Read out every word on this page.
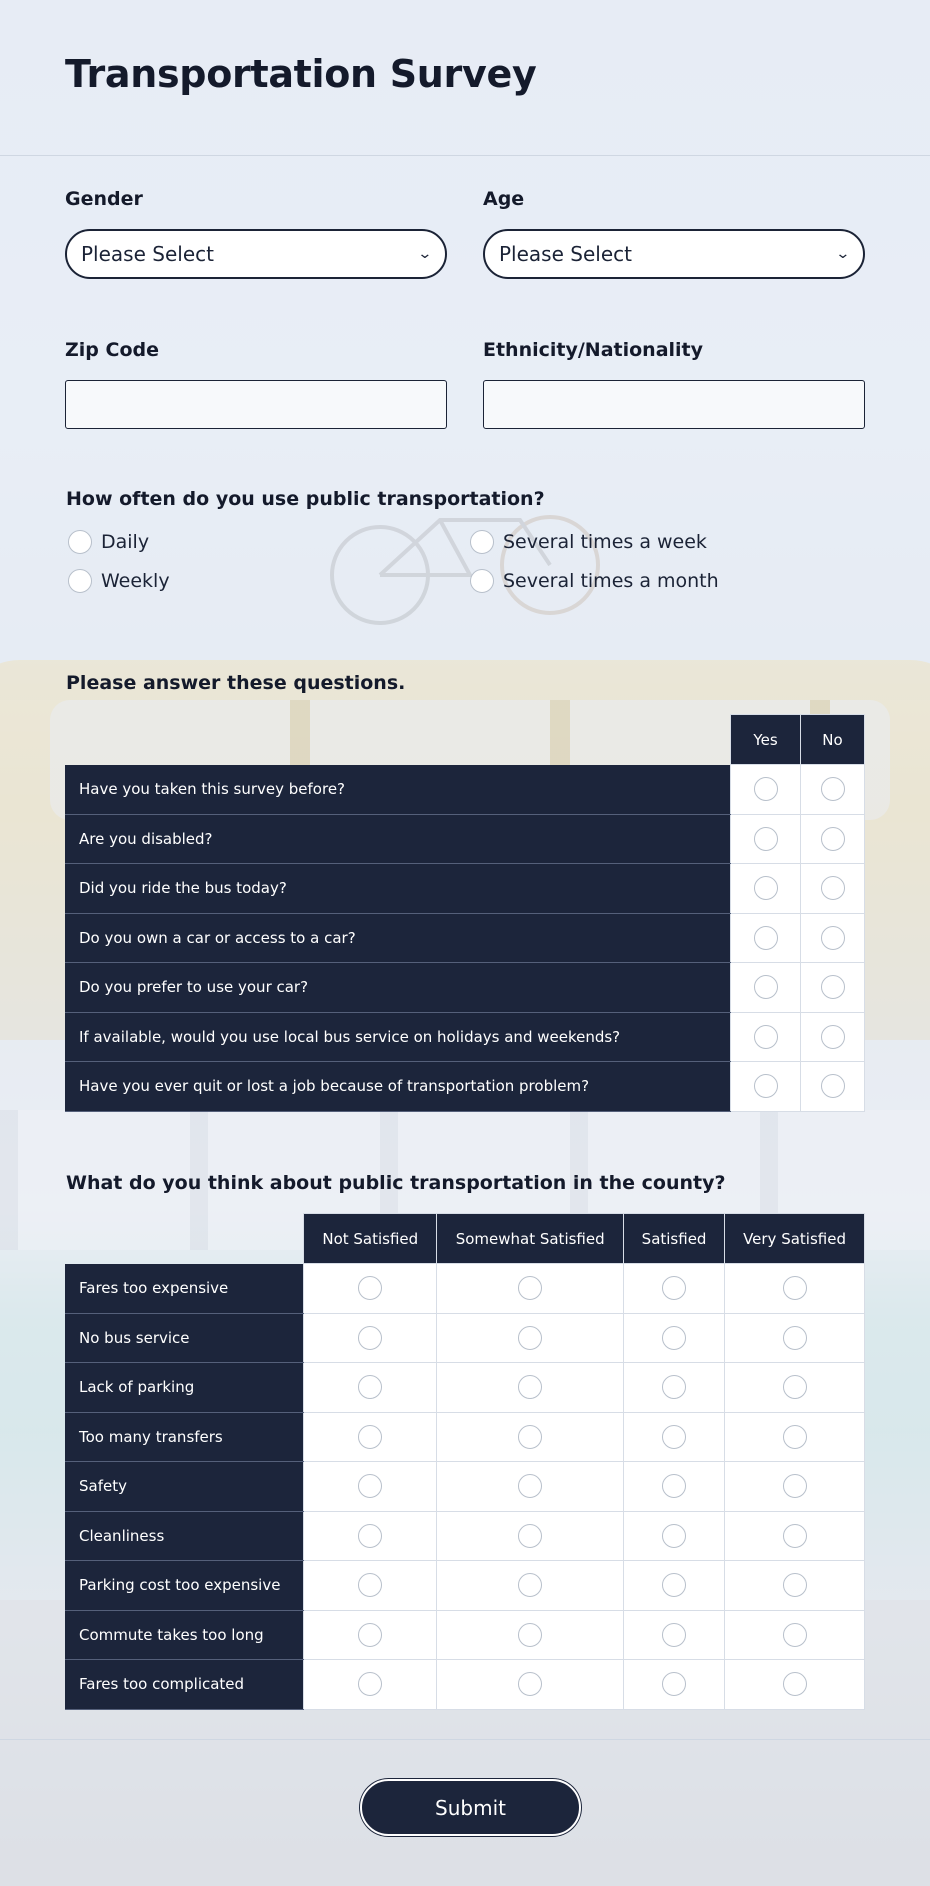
Transportation Survey
Gender
Please Select	⌄
Age
Please Select	⌄
Zip Code	Ethnicity/Nationality
How often do you use public transportation?
Daily	Several times a week
Weekly	Several times a month
Please answer these questions.
	Yes	No
Have you taken this survey before?		
Are you disabled?		
Did you ride the bus today?		
Do you own a car or access to a car?		
Do you prefer to use your car?		
If available, would you use local bus service on holidays and weekends?		
Have you ever quit or lost a job because of transportation problem?		
What do you think about public transportation in the county?
	Not Satisfied	Somewhat Satisfied	Satisfied	Very Satisfied
Fares too expensive				
No bus service				
Lack of parking				
Too many transfers				
Safety				
Cleanliness				
Parking cost too expensive				
Commute takes too long				
Fares too complicated				
Submit
